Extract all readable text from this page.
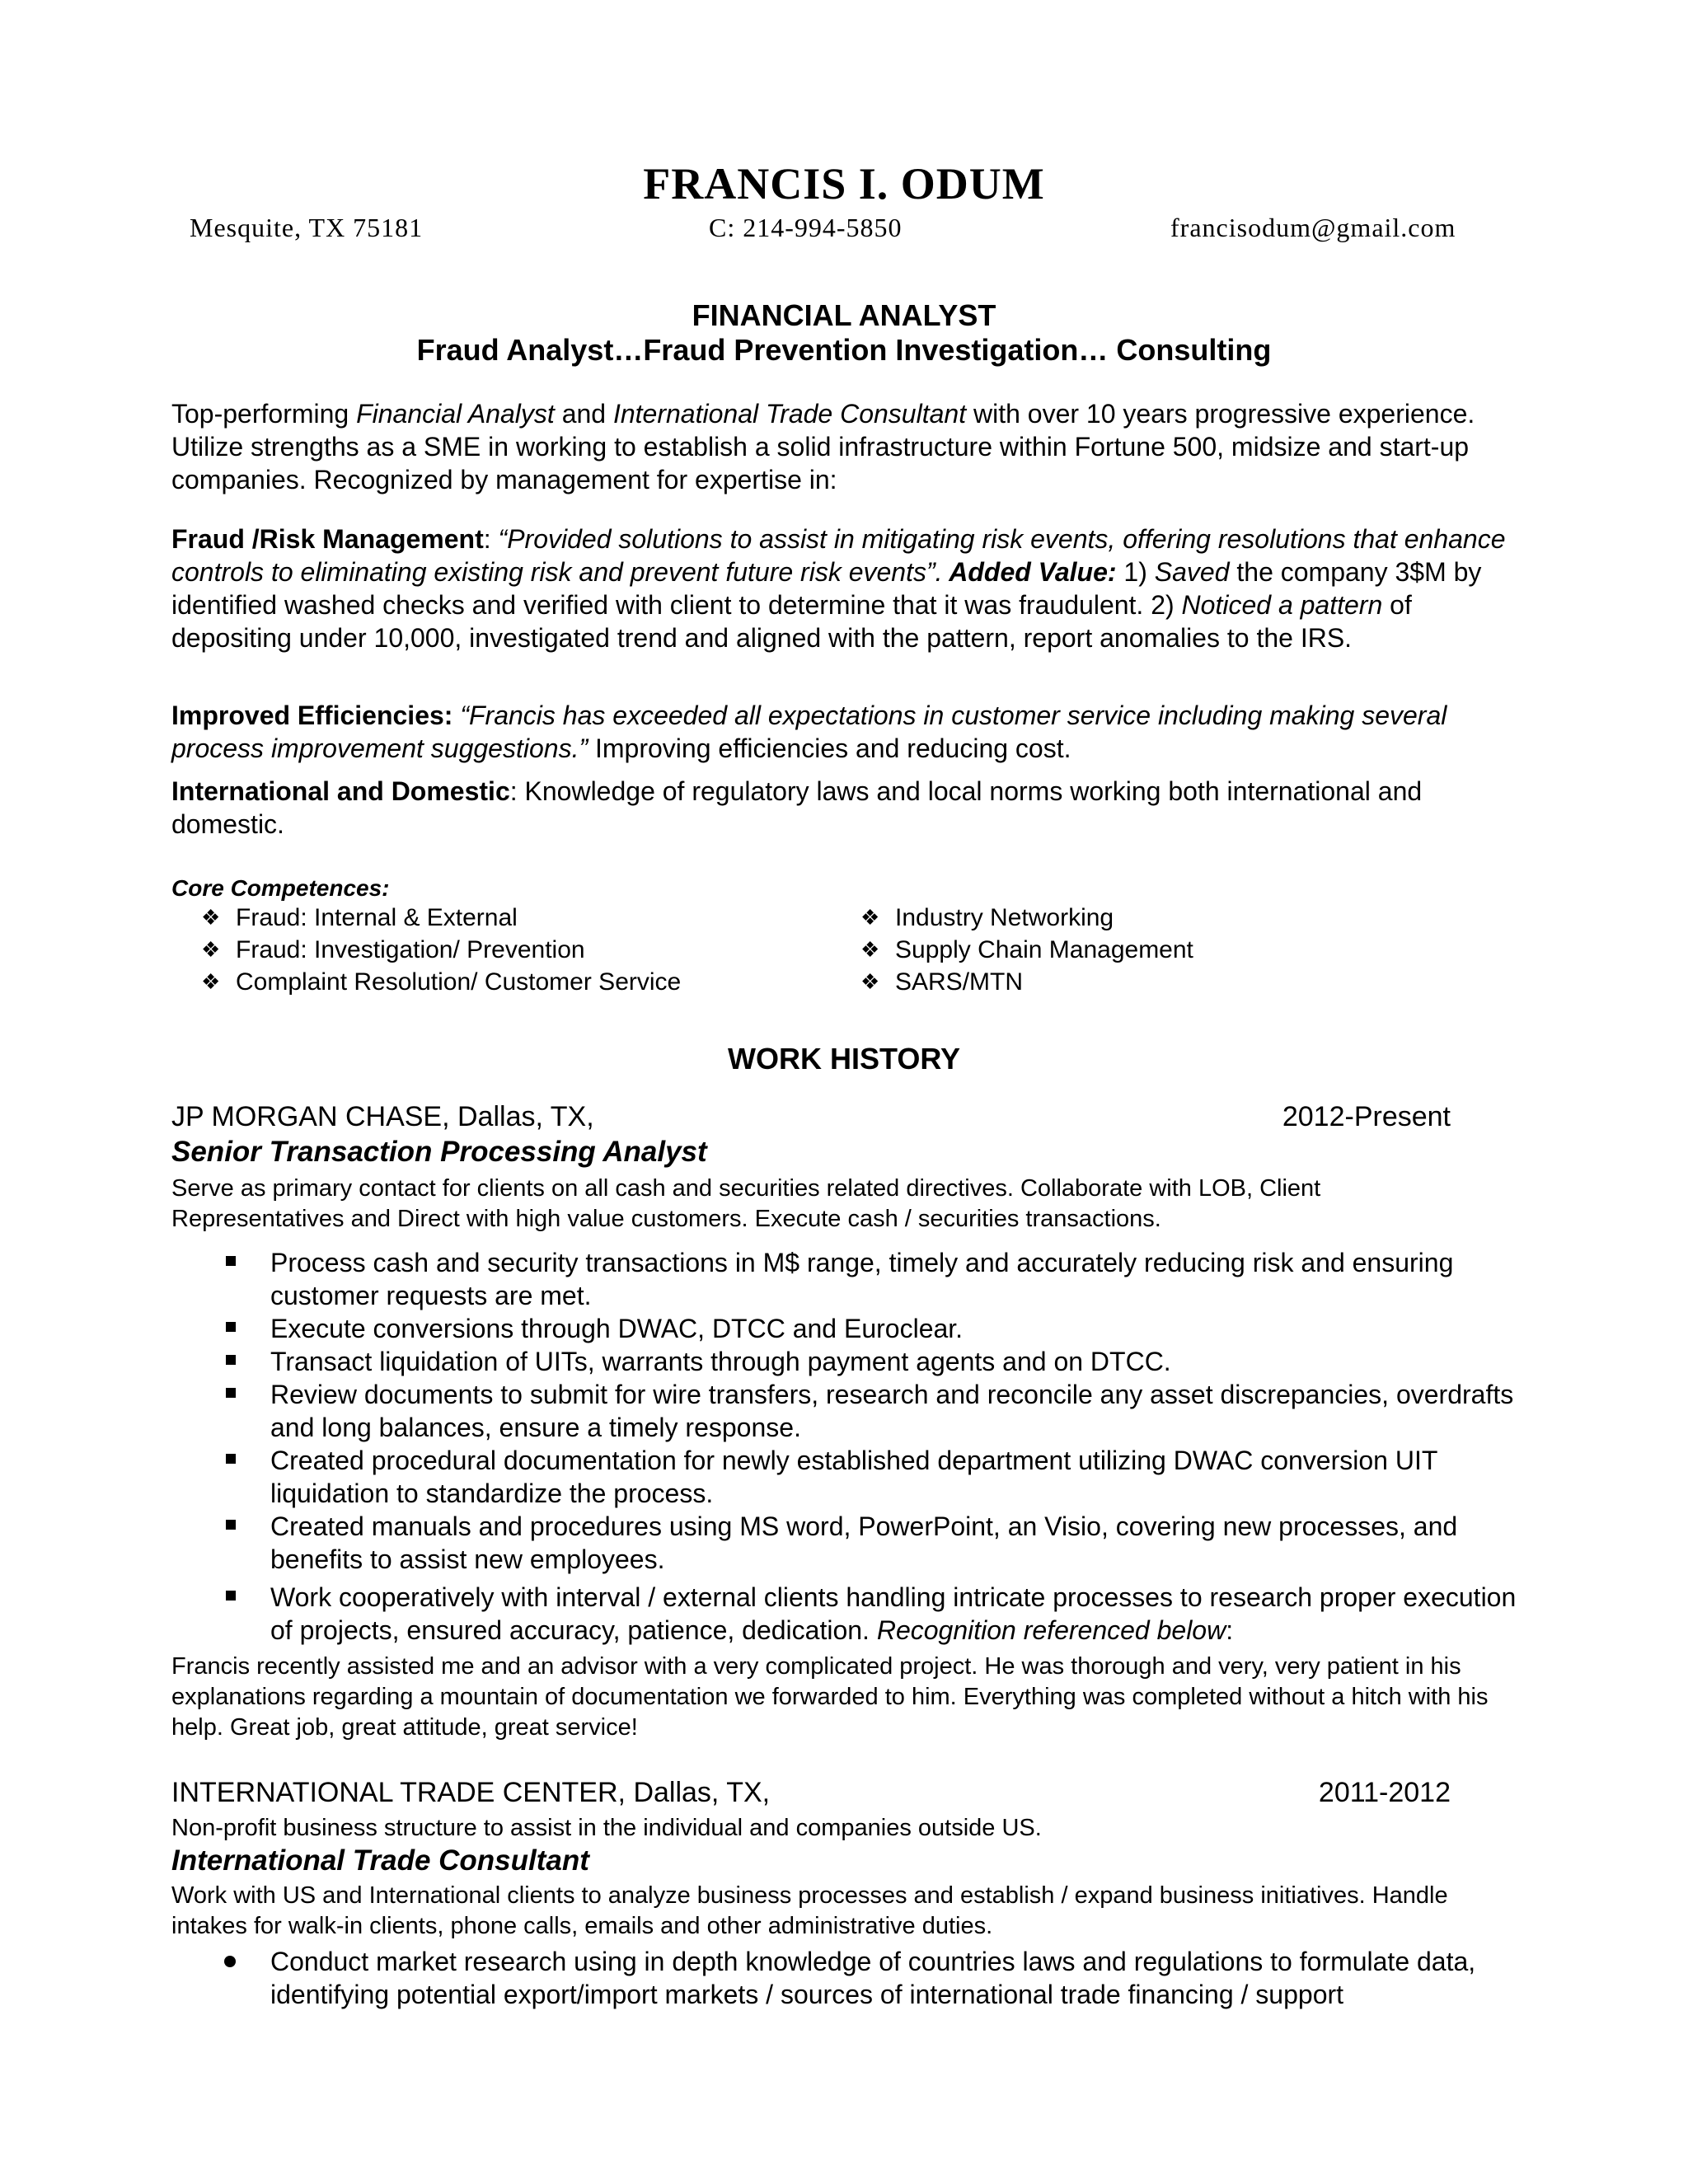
FRANCIS I. ODUM
Mesquite, TX 75181	C: 214-994-5850	francisodum@gmail.com
FINANCIAL ANALYST
Fraud Analyst…Fraud Prevention Investigation… Consulting

Top-performing Financial Analyst and International Trade Consultant with over 10 years progressive experience. Utilize strengths as a SME in working to establish a solid infrastructure within Fortune 500, midsize and start-up companies. Recognized by management for expertise in:

Fraud /Risk Management: “Provided solutions to assist in mitigating risk events, offering resolutions that enhance controls to eliminating existing risk and prevent future risk events”. Added Value: 1) Saved the company 3$M by identified washed checks and verified with client to determine that it was fraudulent. 2) Noticed a pattern of depositing under 10,000, investigated trend and aligned with the pattern, report anomalies to the IRS.

Improved Efficiencies: “Francis has exceeded all expectations in customer service including making several process improvement suggestions.” Improving efficiencies and reducing cost.

International and Domestic: Knowledge of regulatory laws and local norms working both international and domestic.

Core Competences:
❖ Fraud: Internal & External
❖ Fraud: Investigation/ Prevention
❖ Complaint Resolution/ Customer Service
❖ Industry Networking
❖ Supply Chain Management
❖ SARS/MTN
WORK HISTORY
JP MORGAN CHASE, Dallas, TX,	2012-Present
Senior Transaction Processing Analyst
Serve as primary contact for clients on all cash and securities related directives. Collaborate with LOB, Client Representatives and Direct with high value customers. Execute cash / securities transactions.
Process cash and security transactions in M$ range, timely and accurately reducing risk and ensuring customer requests are met.
Execute conversions through DWAC, DTCC and Euroclear.
Transact liquidation of UITs, warrants through payment agents and on DTCC.
Review documents to submit for wire transfers, research and reconcile any asset discrepancies, overdrafts and long balances, ensure a timely response.
Created procedural documentation for newly established department utilizing DWAC conversion UIT liquidation to standardize the process.
Created manuals and procedures using MS word, PowerPoint, an Visio, covering new processes, and benefits to assist new employees.
Work cooperatively with interval / external clients handling intricate processes to research proper execution of projects, ensured accuracy, patience, dedication. Recognition referenced below:
Francis recently assisted me and an advisor with a very complicated project. He was thorough and very, very patient in his explanations regarding a mountain of documentation we forwarded to him. Everything was completed without a hitch with his help. Great job, great attitude, great service!
INTERNATIONAL TRADE CENTER, Dallas, TX,	2011-2012
Non-profit business structure to assist in the individual and companies outside US.
International Trade Consultant
Work with US and International clients to analyze business processes and establish / expand business initiatives. Handle intakes for walk-in clients, phone calls, emails and other administrative duties.
Conduct market research using in depth knowledge of countries laws and regulations to formulate data, identifying potential export/import markets / sources of international trade financing / support
